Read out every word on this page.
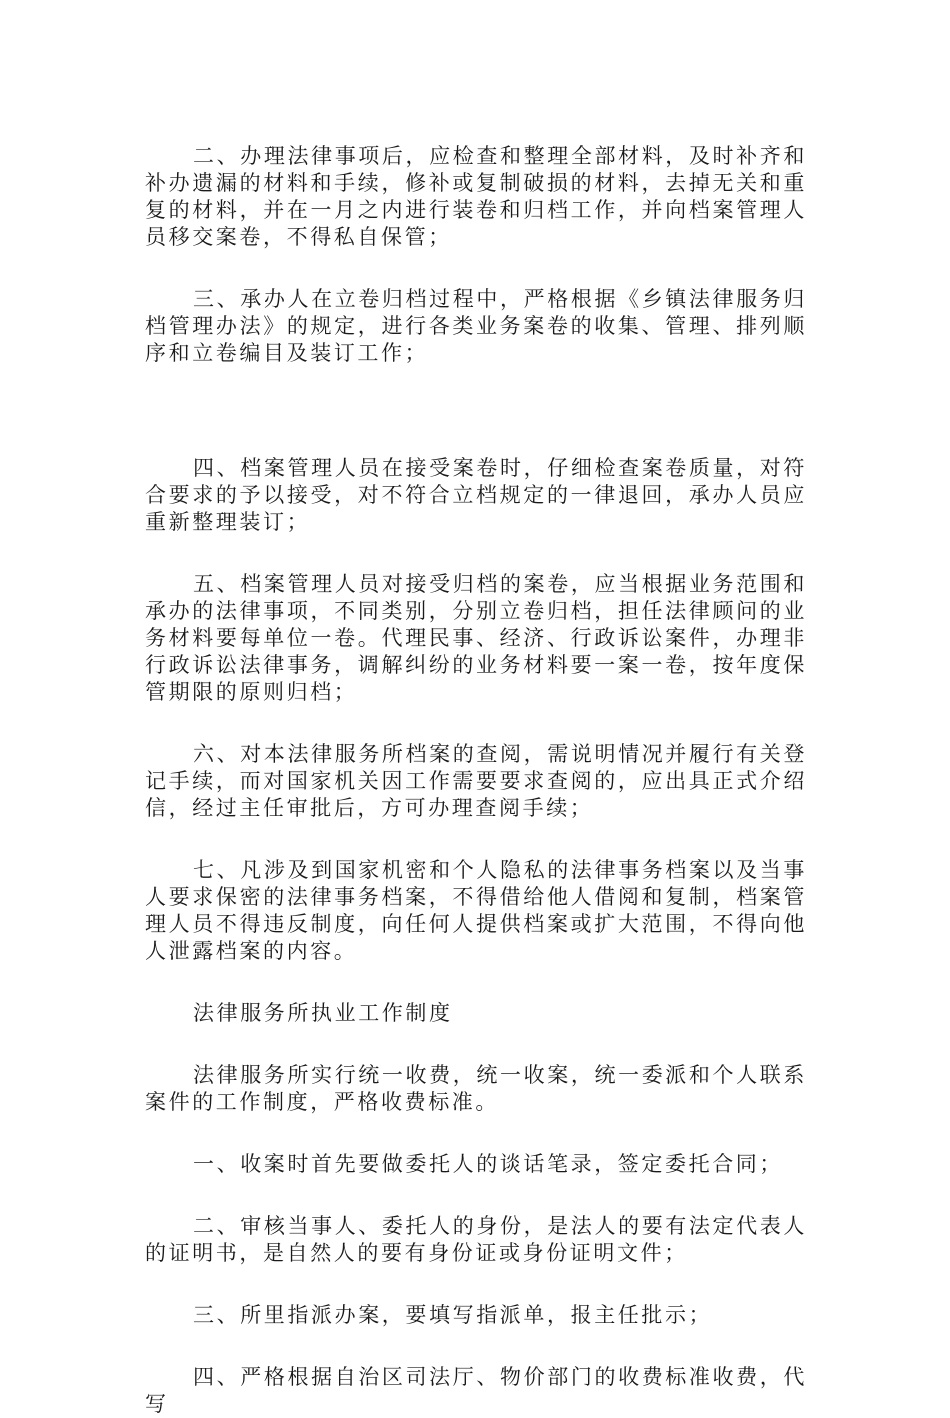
二、办理法律事项后，应检查和整理全部材料，及时补齐和补办遗漏的材料和手续，修补或复制破损的材料，去掉无关和重复的材料，并在一月之内进行装卷和归档工作，并向档案管理人员移交案卷，不得私自保管；

三、承办人在立卷归档过程中，严格根据《乡镇法律服务归档管理办法》的规定，进行各类业务案卷的收集、管理、排列顺序和立卷编目及装订工作；

四、档案管理人员在接受案卷时，仔细检查案卷质量，对符合要求的予以接受，对不符合立档规定的一律退回，承办人员应重新整理装订；

五、档案管理人员对接受归档的案卷，应当根据业务范围和承办的法律事项，不同类别，分别立卷归档，担任法律顾问的业务材料要每单位一卷。代理民事、经济、行政诉讼案件，办理非行政诉讼法律事务，调解纠纷的业务材料要一案一卷，按年度保管期限的原则归档；

六、对本法律服务所档案的查阅，需说明情况并履行有关登记手续，而对国家机关因工作需要要求查阅的，应出具正式介绍信，经过主任审批后，方可办理查阅手续；

七、凡涉及到国家机密和个人隐私的法律事务档案以及当事人要求保密的法律事务档案，不得借给他人借阅和复制，档案管理人员不得违反制度，向任何人提供档案或扩大范围，不得向他人泄露档案的内容。

法律服务所执业工作制度

法律服务所实行统一收费，统一收案，统一委派和个人联系案件的工作制度，严格收费标准。

一、收案时首先要做委托人的谈话笔录，签定委托合同；

二、审核当事人、委托人的身份，是法人的要有法定代表人的证明书，是自然人的要有身份证或身份证明文件；

三、所里指派办案，要填写指派单，报主任批示；

四、严格根据自治区司法厅、物价部门的收费标准收费，代写
